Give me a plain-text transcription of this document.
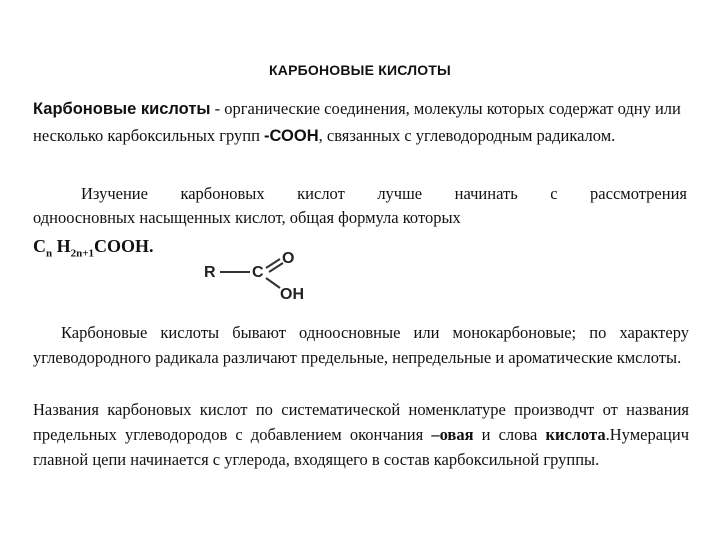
КАРБОНОВЫЕ КИСЛОТЫ
Карбоновые кислоты - органические соединения, молекулы которых содержат одну или несколько карбоксильных групп -СООН, связанных с углеводородным радикалом.
Изучение карбоновых кислот лучше начинать с рассмотрения
одноосновных насыщенных кислот, общая формула которых
$C_n$ $H_{2n+1}COOH$.
R C
O
OH
Карбоновые кислоты бывают одноосновные или монокарбоновые; по характеру углеводородного радикала различают предельные, непредельные и ароматические кмслоты.
Названия карбоновых кислот по систематической номенклатуре производчт от названия предельных углеводородов с добавлением окончания –овая и слова кислота.Нумерацич главной цепи начинается с углерода, входящего в состав карбоксильной группы.
